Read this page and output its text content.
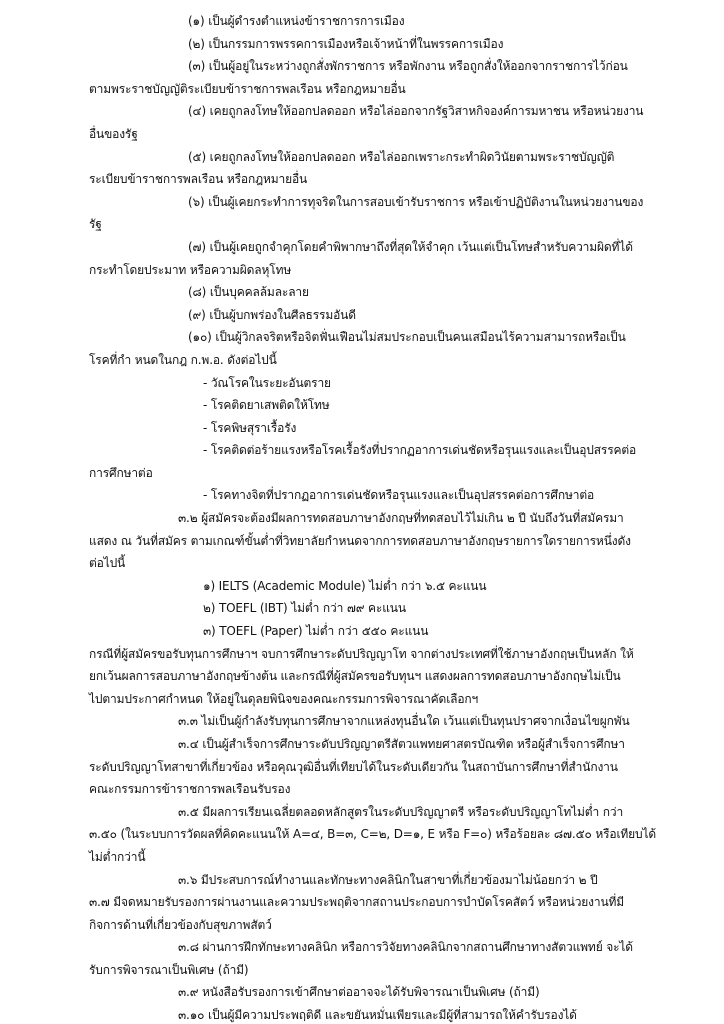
(๑) เป็นผู้ดำรงตำแหน่งข้าราชการการเมือง
(๒) เป็นกรรมการพรรคการเมืองหรือเจ้าหน้าที่ในพรรคการเมือง
(๓) เป็นผู้อยู่ในระหว่างถูกสั่งพักราชการ หรือพักงาน หรือถูกสั่งให้ออกจากราชการไว้ก่อน
ตามพระราชบัญญัติระเบียบข้าราชการพลเรือน หรือกฎหมายอื่น
(๔) เคยถูกลงโทษให้ออกปลดออก หรือไล่ออกจากรัฐวิสาหกิจองค์การมหาชน หรือหน่วยงาน
อื่นของรัฐ
(๕) เคยถูกลงโทษให้ออกปลดออก หรือไล่ออกเพราะกระทำผิดวินัยตามพระราชบัญญัติ
ระเบียบข้าราชการพลเรือน หรือกฎหมายอื่น
(๖) เป็นผู้เคยกระทำการทุจริตในการสอบเข้ารับราชการ หรือเข้าปฏิบัติงานในหน่วยงานของ
รัฐ
(๗) เป็นผู้เคยถูกจำคุกโดยคำพิพากษาถึงที่สุดให้จำคุก เว้นแต่เป็นโทษสำหรับความผิดที่ได้
กระทำโดยประมาท หรือความผิดลหุโทษ
(๘) เป็นบุคคลล้มละลาย
(๙) เป็นผู้บกพร่องในศีลธรรมอันดี
(๑๐) เป็นผู้วิกลจริตหรือจิตฟั่นเฟือนไม่สมประกอบเป็นคนเสมือนไร้ความสามารถหรือเป็น
โรคที่กำ หนดในกฎ ก.พ.อ. ดังต่อไปนี้
- วัณโรคในระยะอันตราย
- โรคติดยาเสพติดให้โทษ
- โรคพิษสุราเรื้อรัง
- โรคติดต่อร้ายแรงหรือโรคเรื้อรังที่ปรากฏอาการเด่นชัดหรือรุนแรงและเป็นอุปสรรคต่อ
การศึกษาต่อ
- โรคทางจิตที่ปรากฏอาการเด่นชัดหรือรุนแรงและเป็นอุปสรรคต่อการศึกษาต่อ
๓.๒ ผู้สมัครจะต้องมีผลการทดสอบภาษาอังกฤษที่ทดสอบไว้ไม่เกิน ๒ ปี นับถึงวันที่สมัครมา
แสดง ณ วันที่สมัคร ตามเกณฑ์ขั้นต่ำที่วิทยาลัยกำหนดจากการทดสอบภาษาอังกฤษรายการใดรายการหนึ่งดัง
ต่อไปนี้
๑) IELTS (Academic Module) ไม่ต่ำ กว่า ๖.๕ คะแนน
๒) TOEFL (IBT) ไม่ต่ำ กว่า ๗๙ คะแนน
๓) TOEFL (Paper) ไม่ต่ำ กว่า ๕๕๐ คะแนน
กรณีที่ผู้สมัครขอรับทุนการศึกษาฯ จบการศึกษาระดับปริญญาโท จากต่างประเทศที่ใช้ภาษาอังกฤษเป็นหลัก ให้
ยกเว้นผลการสอบภาษาอังกฤษข้างต้น และกรณีที่ผู้สมัครขอรับทุนฯ แสดงผลการทดสอบภาษาอังกฤษไม่เป็น
ไปตามประกาศกำหนด ให้อยู่ในดุลยพินิจของคณะกรรมการพิจารณาคัดเลือกฯ
๓.๓ ไม่เป็นผู้กำลังรับทุนการศึกษาจากแหล่งทุนอื่นใด เว้นแต่เป็นทุนปราศจากเงื่อนไขผูกพัน
๓.๔ เป็นผู้สำเร็จการศึกษาระดับปริญญาตรีสัตวแพทยศาสตรบัณฑิต หรือผู้สำเร็จการศึกษา
ระดับปริญญาโทสาขาที่เกี่ยวข้อง หรือคุณวุฒิอื่นที่เทียบได้ในระดับเดียวกัน ในสถาบันการศึกษาที่สำนักงาน
คณะกรรมการข้าราชการพลเรือนรับรอง
๓.๕ มีผลการเรียนเฉลี่ยตลอดหลักสูตรในระดับปริญญาตรี หรือระดับปริญญาโทไม่ต่ำ กว่า
๓.๕๐ (ในระบบการวัดผลที่คิดคะแนนให้ A=๔, B=๓, C=๒, D=๑, E หรือ F=๐) หรือร้อยละ ๘๗.๕๐ หรือเทียบได้
ไม่ต่ำกว่านี้
๓.๖ มีประสบการณ์ทำงานและทักษะทางคลินิกในสาขาที่เกี่ยวข้องมาไม่น้อยกว่า ๒ ปี
๓.๗ มีจดหมายรับรองการผ่านงานและความประพฤติจากสถานประกอบการบำบัดโรคสัตว์ หรือหน่วยงานที่มี
กิจการด้านที่เกี่ยวข้องกับสุขภาพสัตว์
๓.๘ ผ่านการฝึกทักษะทางคลินิก หรือการวิจัยทางคลินิกจากสถานศึกษาทางสัตวแพทย์ จะได้
รับการพิจารณาเป็นพิเศษ (ถ้ามี)
๓.๙ หนังสือรับรองการเข้าศึกษาต่ออาจจะได้รับพิจารณาเป็นพิเศษ (ถ้ามี)
๓.๑๐ เป็นผู้มีความประพฤติดี และขยันหมั่นเพียรและมีผู้ที่สามารถให้คำรับรองได้
